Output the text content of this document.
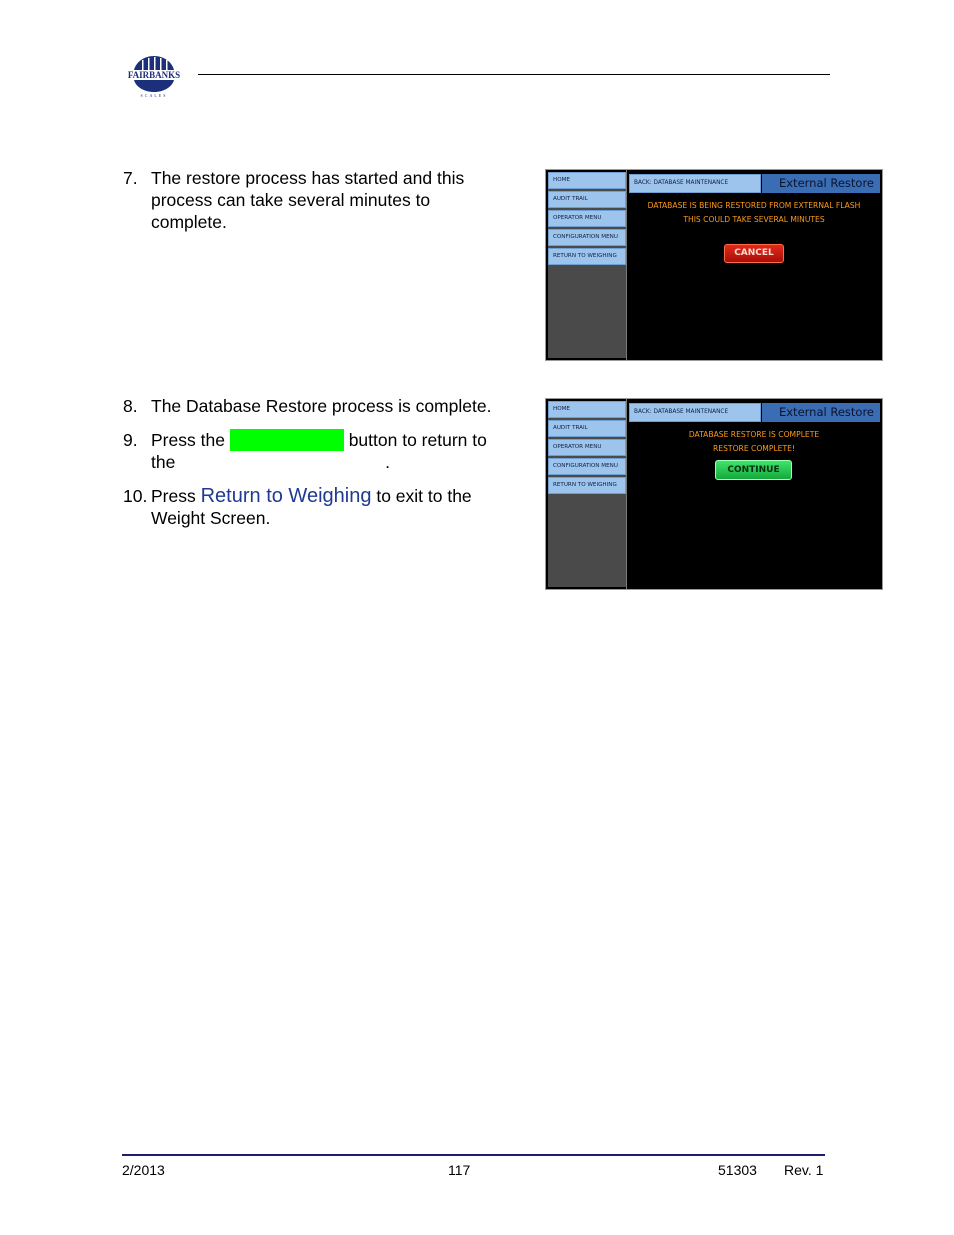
FAIRBANKS
SCALES
7. The restore process has started and this process can take several minutes to complete.
HOME
AUDIT TRAIL
OPERATOR MENU
CONFIGURATION MENU
RETURN TO WEIGHING
BACK: DATABASE MAINTENANCE	External Restore
DATABASE IS BEING RESTORED FROM EXTERNAL FLASH
THIS COULD TAKE SEVERAL MINUTES
CANCEL
8. The Database Restore process is complete.
9. Press the	button to return to
the	.
10. Press Return to Weighing to exit to the Weight Screen.
HOME
AUDIT TRAIL
OPERATOR MENU
CONFIGURATION MENU
RETURN TO WEIGHING
BACK: DATABASE MAINTENANCE	External Restore
DATABASE RESTORE IS COMPLETE
RESTORE COMPLETE!
CONTINUE
2/2013	117	51303 Rev. 1
